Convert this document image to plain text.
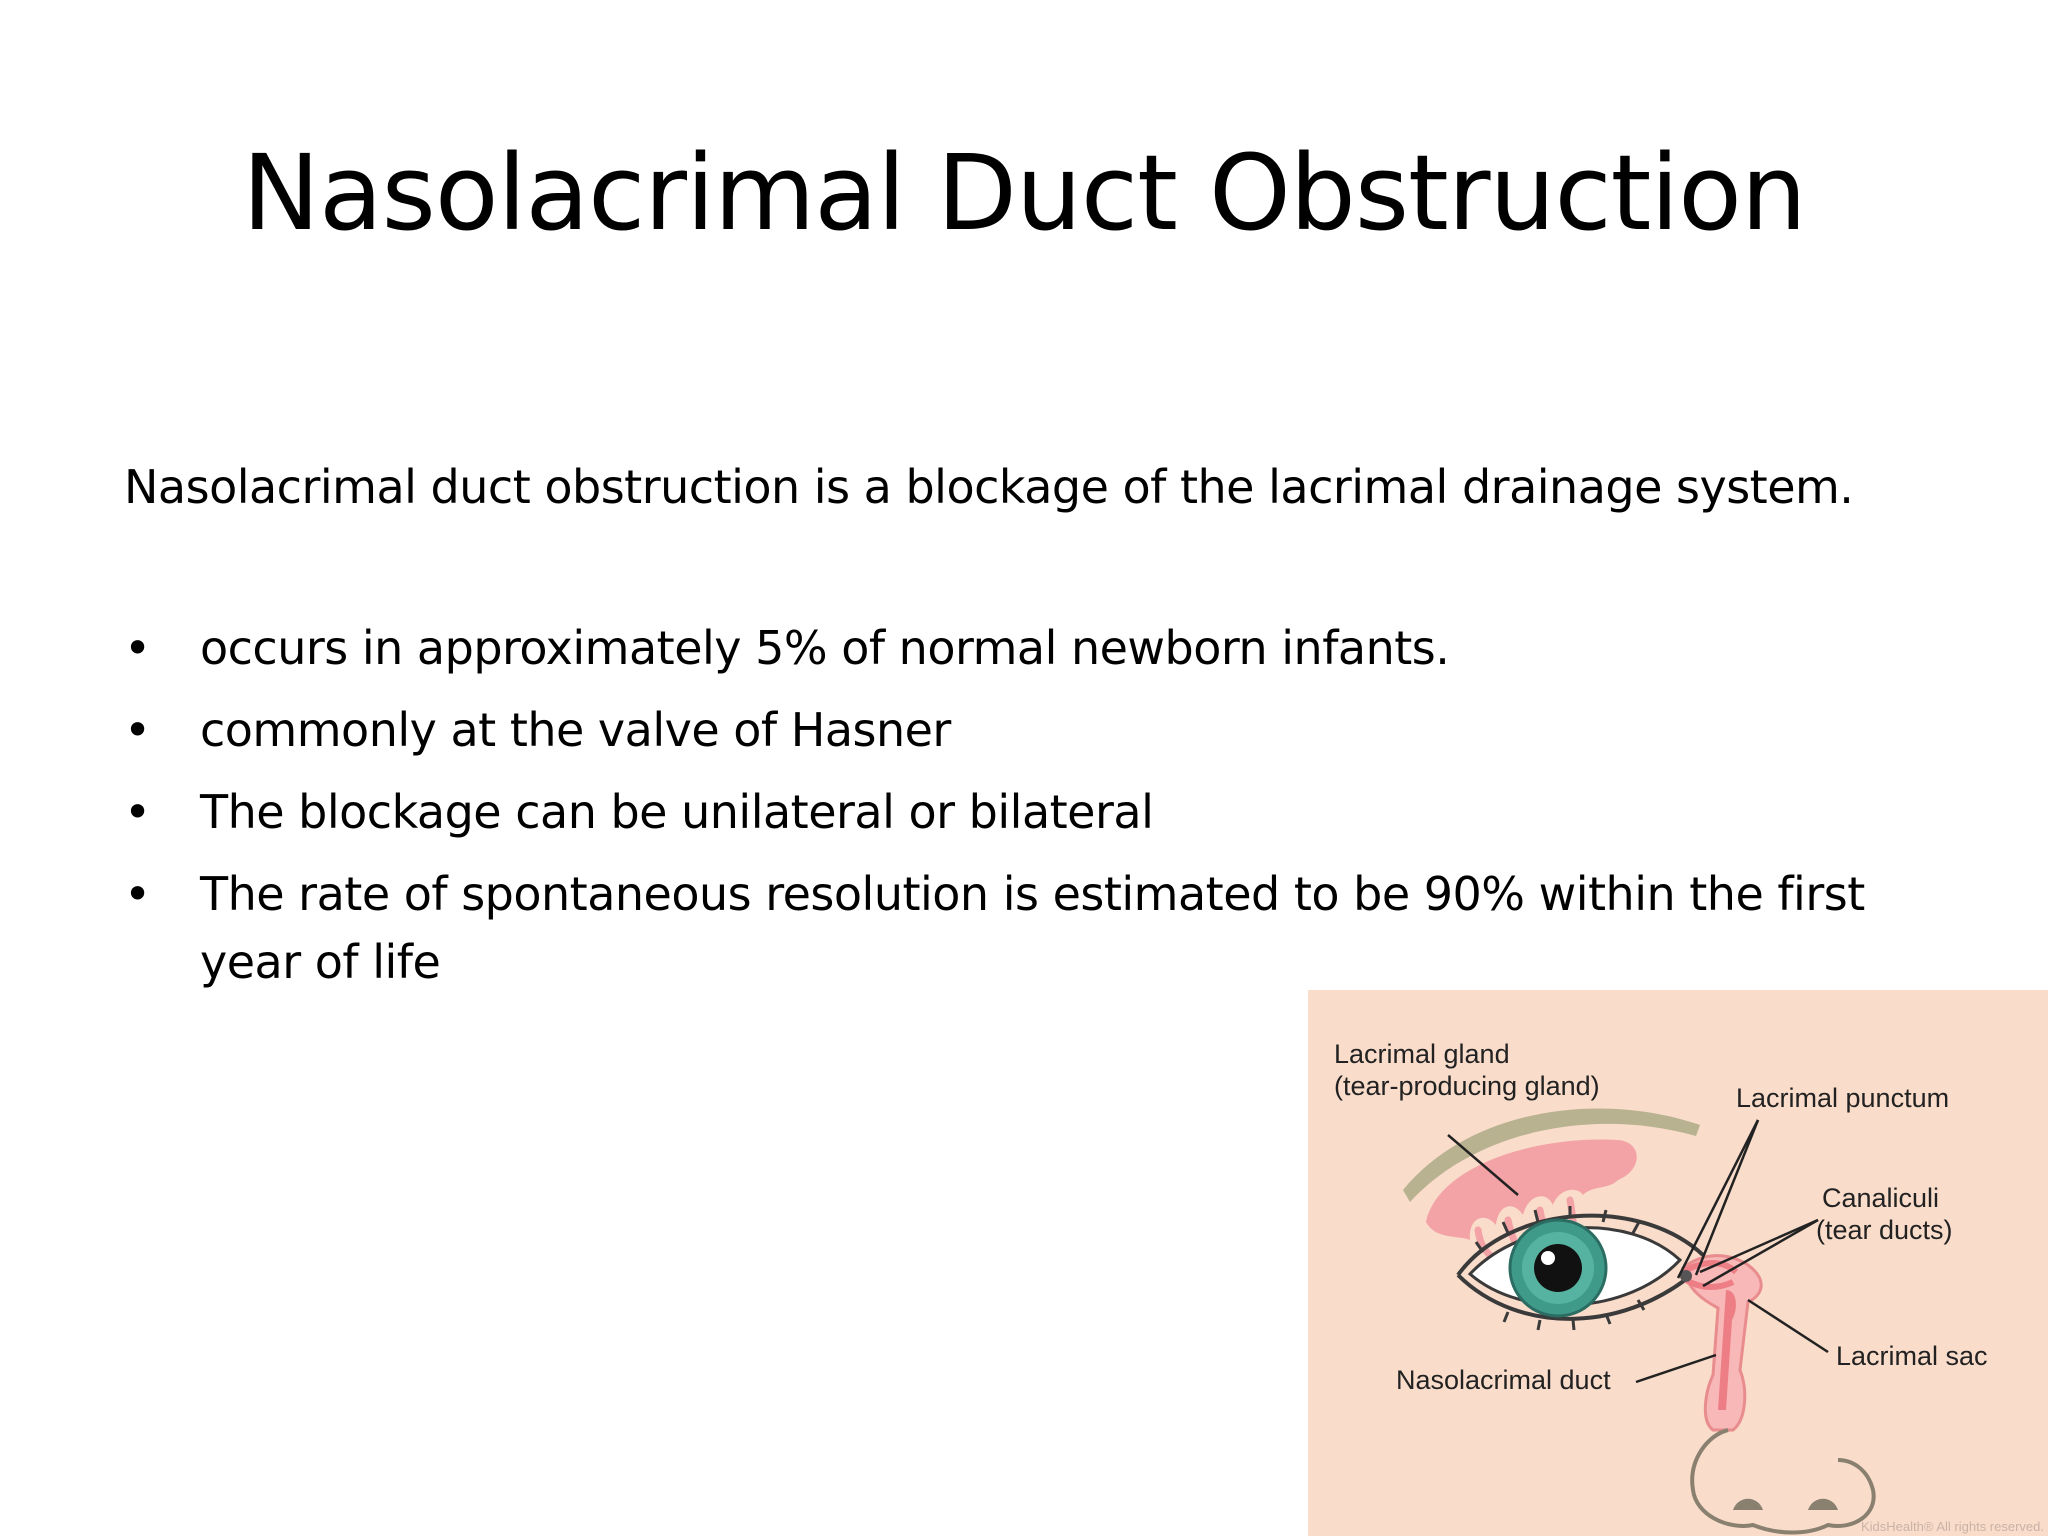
Nasolacrimal Duct Obstruction

Nasolacrimal duct obstruction is a blockage of the lacrimal drainage system.

• occurs in approximately 5% of normal newborn infants.
• commonly at the valve of Hasner
• The blockage can be unilateral or bilateral
• The rate of spontaneous resolution is estimated to be 90% within the first year of life
Lacrimal gland
(tear-producing gland)	Lacrimal punctum
Canaliculi
(tear ducts)
Lacrimal sac
Nasolacrimal duct
KidsHealth® All rights reserved.
